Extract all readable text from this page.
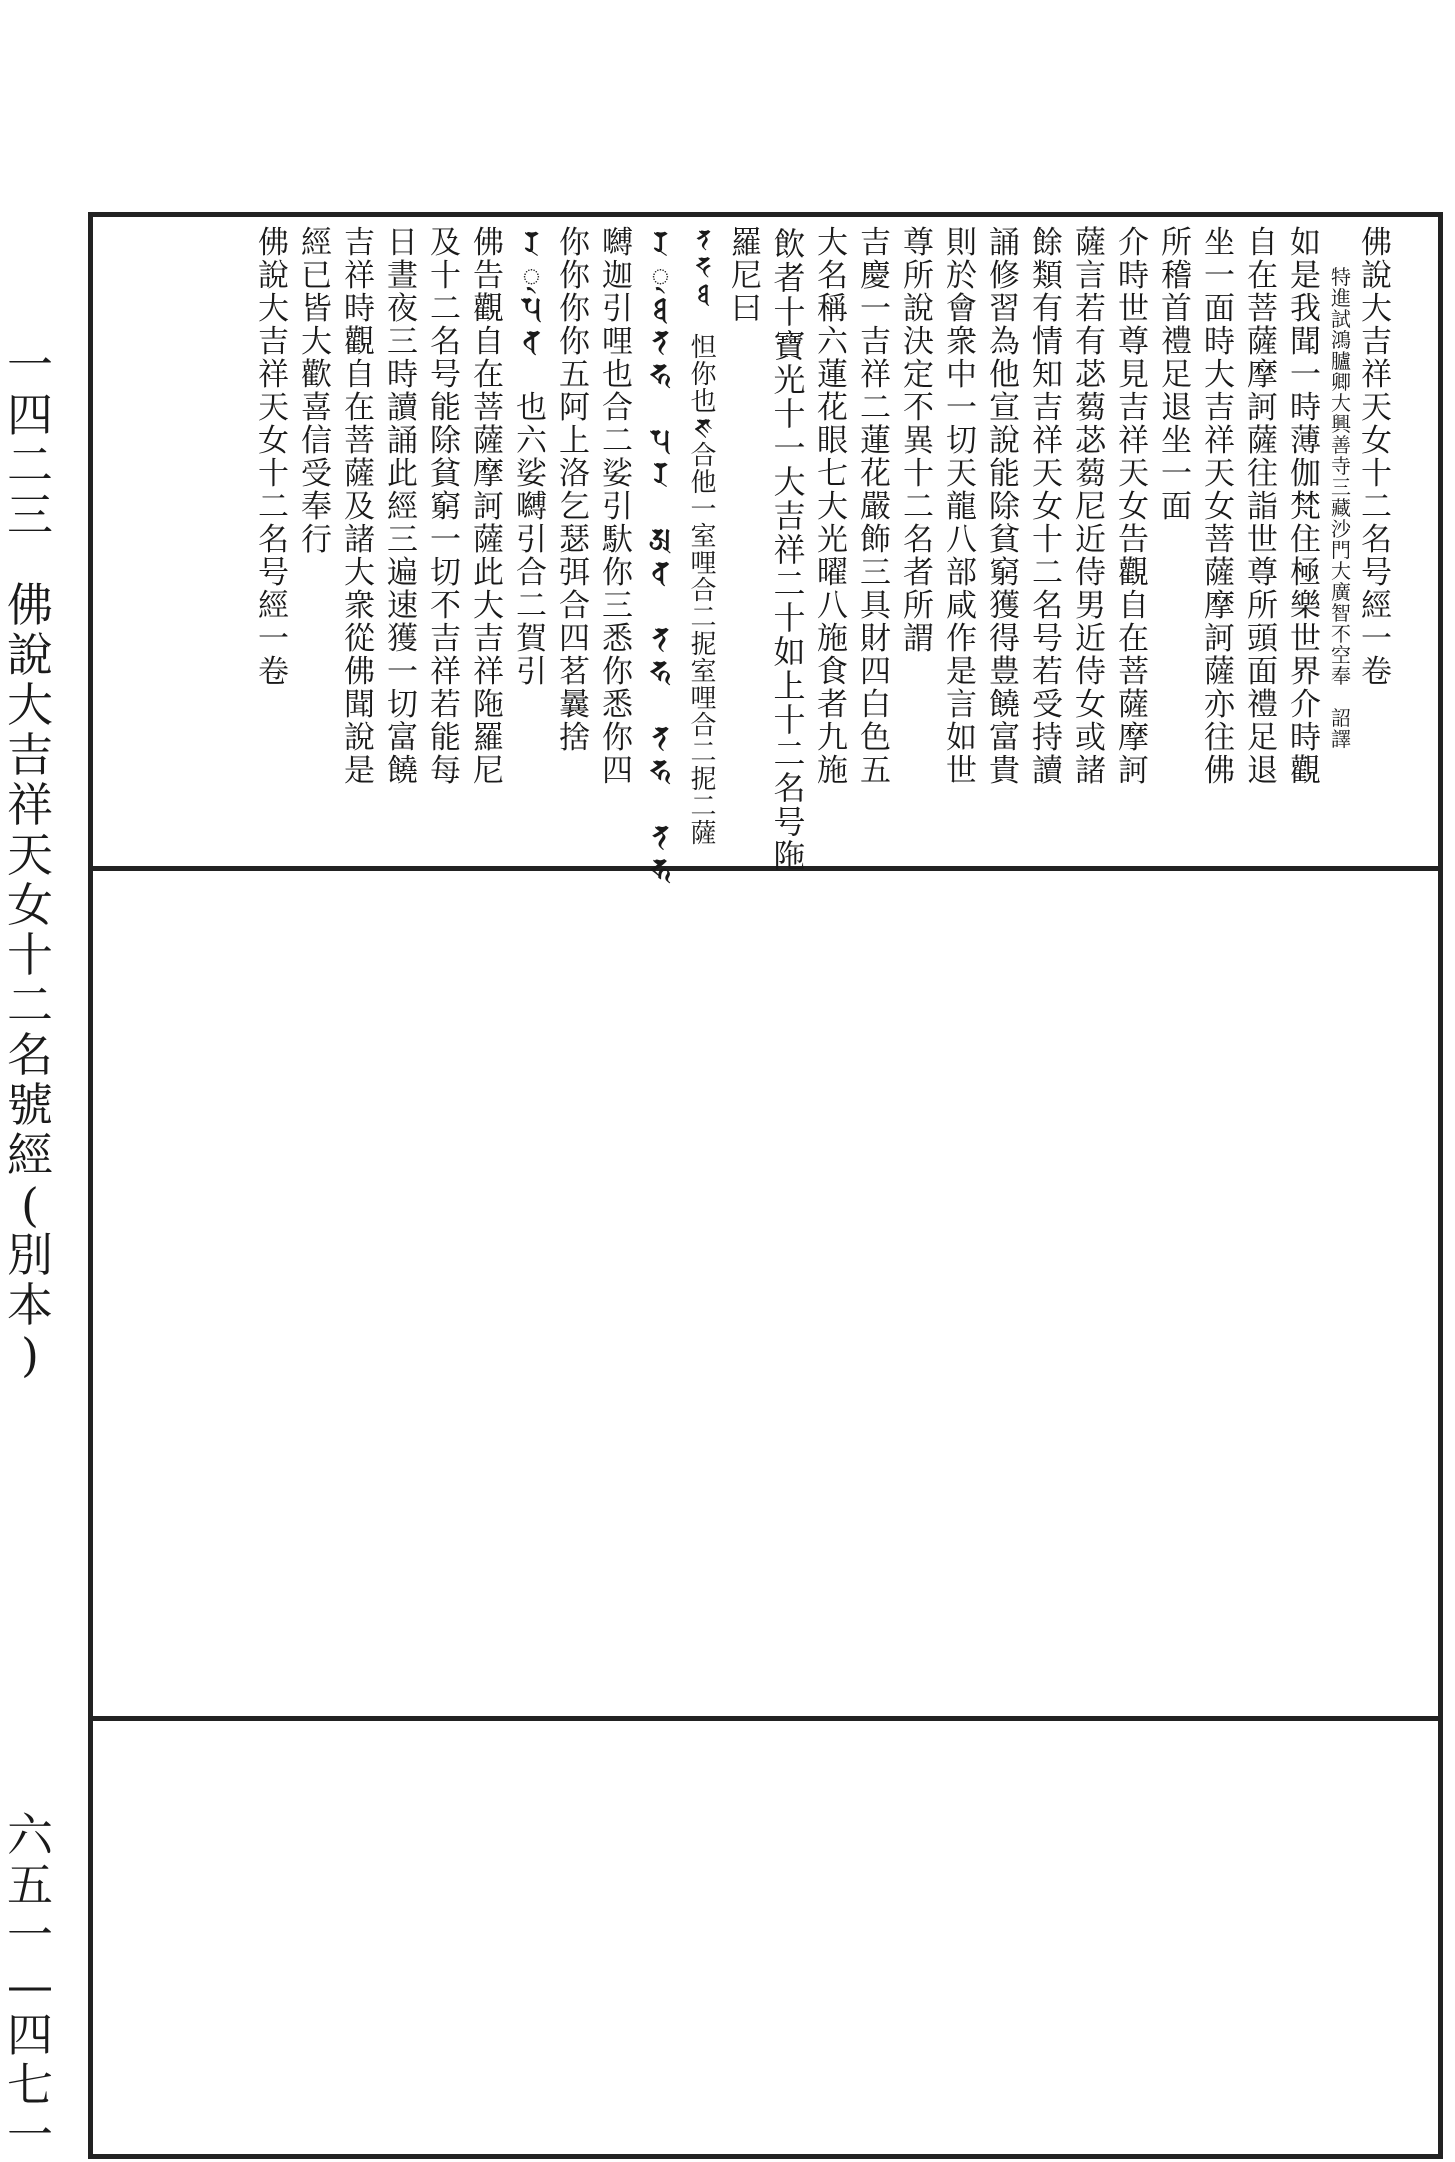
一
四
二
三
佛
說
大
吉
祥
天
女
十
二
名
號
經
(
別
本
)
六
五
一
—
四
七
一
佛
說
大
吉
祥
天
女
十
二
名
号
經
一
卷
特
進
試
鴻
臚
卿
大
興
善
寺
三
藏
沙
門
大
廣
智
不
空
奉

詔
譯
如
是
我
聞
一
時
薄
伽
梵
住
極
樂
世
界
介
時
觀
自
在
菩
薩
摩
訶
薩
往
詣
世
尊
所
頭
面
禮
足
退
坐
一
面
時
大
吉
祥
天
女
菩
薩
摩
訶
薩
亦
往
佛
所
稽
首
禮
足
退
坐
一
面
介
時
世
尊
見
吉
祥
天
女
告
觀
自
在
菩
薩
摩
訶
薩
言
若
有
苾
蒭
苾
蒭
尼
近
侍
男
近
侍
女
或
諸
餘
類
有
情
知
吉
祥
天
女
十
二
名
号
若
受
持
讀
誦
修
習
為
他
宣
說
能
除
貧
窮
獲
得
豊
饒
富
貴
則
於
會
衆
中
一
切
天
龍
八
部
咸
作
是
言
如
世
尊
所
說
決
定
不
異
十
二
名
者
所
謂
吉
慶
一
吉
祥
二
蓮
花
嚴
飾
三
具
財
四
白
色
五
大
名
稱
六
蓮
花
眼
七
大
光
曜
八
施
食
者
九
施
飲
者
十
寶
光
十
一
大
吉
祥
二
十
如
上
十
二
名
号
陁
羅
尼
曰
𑖝
𑖟
𑖞

怛
你
也
𑖕
合
他
一
室
哩
合
二
抳
室
哩
合
二
抳
二
薩
𑖨
𑖿
𑖞
𑖝
𑖮

𑖢
𑖨

𑖀
𑖤

𑖝
𑖮

𑖝
𑖮

𑖝
𑖮
嚩
迦
引
哩
也
合
二
娑
引
馱
你
三
悉
你
悉
你
四
你
你
你
你
五
阿
上
洛
乞
瑟
弭
合
四
茗
曩
捨
𑖨
𑖿
𑖢
𑖪

也
六
娑
嚩
引
合
二
賀
引
佛
告
觀
自
在
菩
薩
摩
訶
薩
此
大
吉
祥
陁
羅
尼
及
十
二
名
号
能
除
貧
窮
一
切
不
吉
祥
若
能
每
日
晝
夜
三
時
讀
誦
此
經
三
遍
速
獲
一
切
富
饒
吉
祥
時
觀
自
在
菩
薩
及
諸
大
衆
從
佛
聞
說
是
經
已
皆
大
歡
喜
信
受
奉
行
佛
說
大
吉
祥
天
女
十
二
名
号
經
一
卷
